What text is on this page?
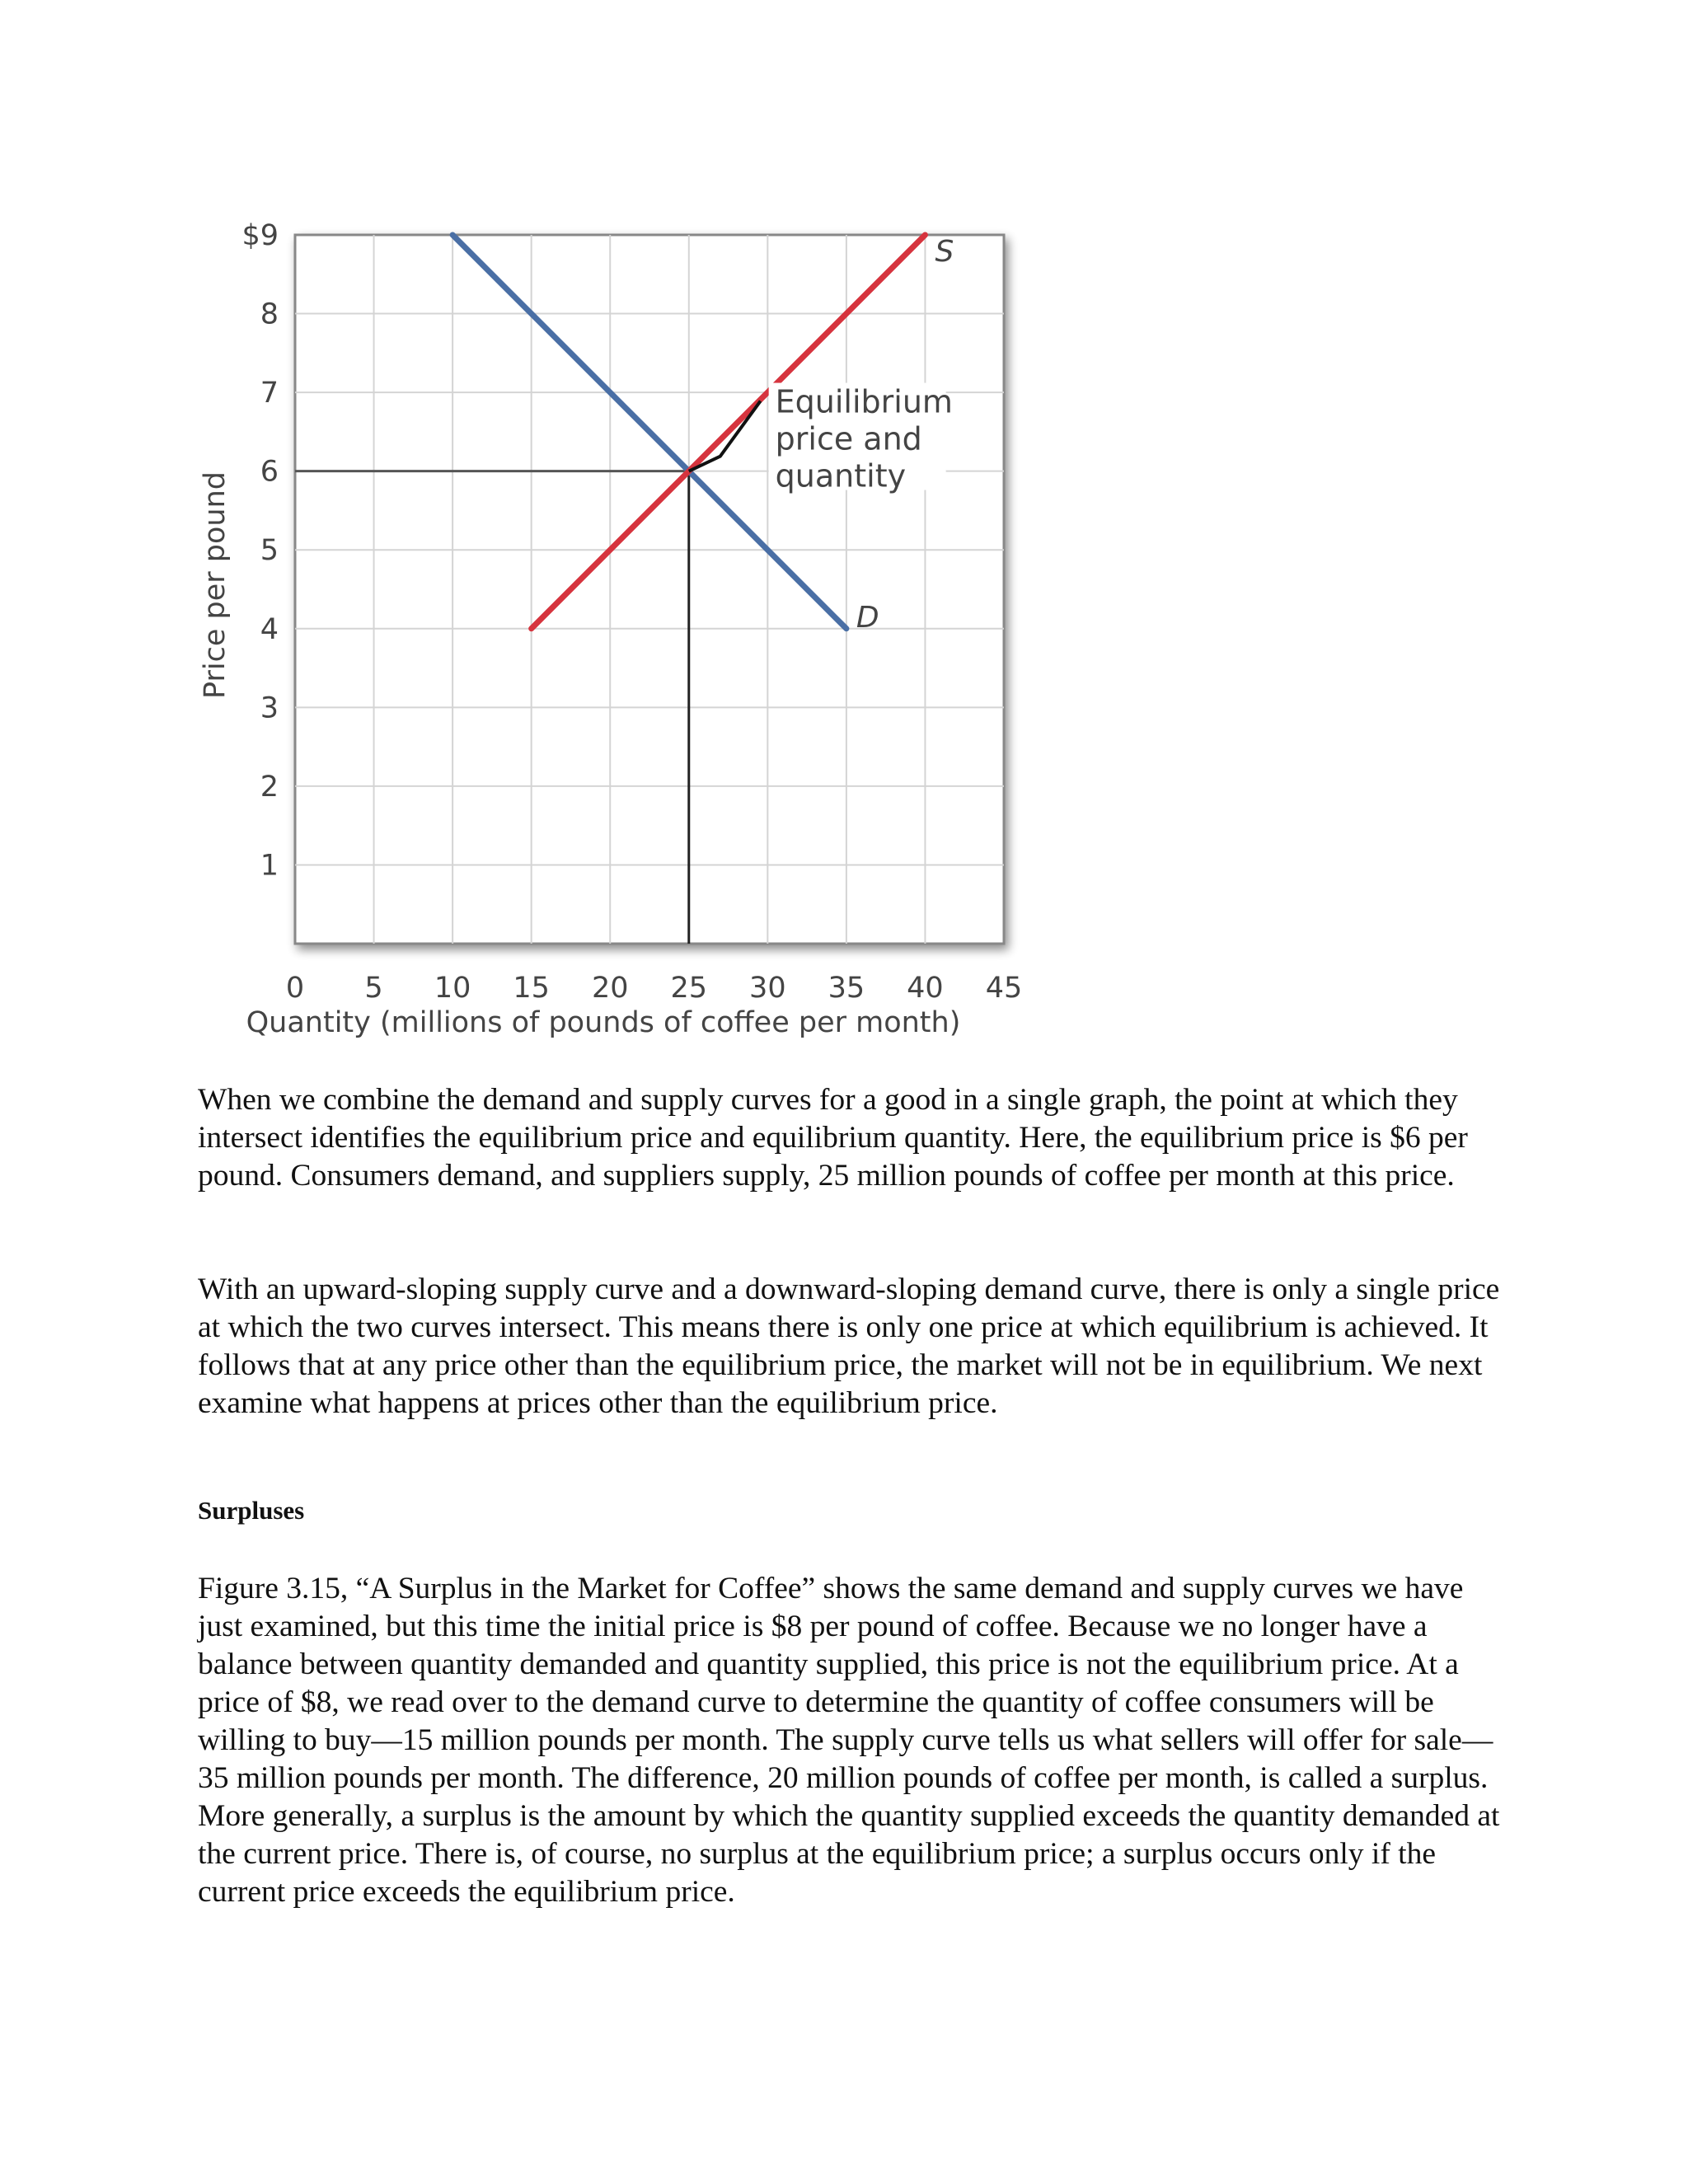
S
D
0 5 10 15 20 25 30 35 40 45
1
2
3
4
5
6
7
8
$9
Quantity (millions of pounds of coffee per month)
Price per pound
Equilibrium
price and
quantity

When we combine the demand and supply curves for a good in a single graph, the point at which they intersect identifies the equilibrium price and equilibrium quantity. Here, the equilibrium price is $6 per pound. Consumers demand, and suppliers supply, 25 million pounds of coffee per month at this price.

With an upward-sloping supply curve and a downward-sloping demand curve, there is only a single price at which the two curves intersect. This means there is only one price at which equilibrium is achieved. It follows that at any price other than the equilibrium price, the market will not be in equilibrium. We next examine what happens at prices other than the equilibrium price.

Surpluses

Figure 3.15, “A Surplus in the Market for Coffee” shows the same demand and supply curves we have just examined, but this time the initial price is $8 per pound of coffee. Because we no longer have a balance between quantity demanded and quantity supplied, this price is not the equilibrium price. At a price of $8, we read over to the demand curve to determine the quantity of coffee consumers will be willing to buy—15 million pounds per month. The supply curve tells us what sellers will offer for sale—35 million pounds per month. The difference, 20 million pounds of coffee per month, is called a surplus. More generally, a surplus is the amount by which the quantity supplied exceeds the quantity demanded at the current price. There is, of course, no surplus at the equilibrium price; a surplus occurs only if the current price exceeds the equilibrium price.
